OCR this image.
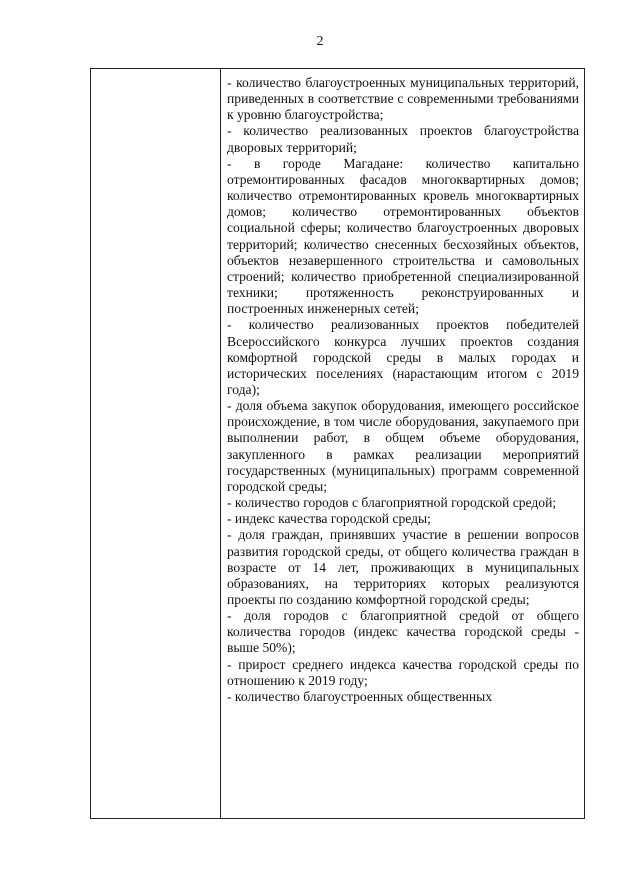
2

- количество благоустроенных муниципальных территорий, приведенных в соответствие с современными требованиями к уровню благоустройства;

- количество реализованных проектов благоустройства дворовых территорий;

- в городе Магадане: количество капитально отремонтированных фасадов многоквартирных домов; количество отремонтированных кровель многоквартирных домов; количество отремонтированных объектов социальной сферы; количество благоустроенных дворовых территорий; количество снесенных бесхозяйных объектов, объектов незавершенного строительства и самовольных строений; количество приобретенной специализированной техники; протяженность реконструированных и построенных инженерных сетей;

- количество реализованных проектов победителей Всероссийского конкурса лучших проектов создания комфортной городской среды в малых городах и исторических поселениях (нарастающим итогом с 2019 года);

- доля объема закупок оборудования, имеющего российское происхождение, в том числе оборудования, закупаемого при выполнении работ, в общем объеме оборудования, закупленного в рамках реализации мероприятий государственных (муниципальных) программ современной городской среды;

- количество городов с благоприятной городской средой;

- индекс качества городской среды;

- доля граждан, принявших участие в решении вопросов развития городской среды, от общего количества граждан в возрасте от 14 лет, проживающих в муниципальных образованиях, на территориях которых реализуются проекты по созданию комфортной городской среды;

- доля городов с благоприятной средой от общего количества городов (индекс качества городской среды - выше 50%);

- прирост среднего индекса качества городской среды по отношению к 2019 году;

- количество благоустроенных общественных
